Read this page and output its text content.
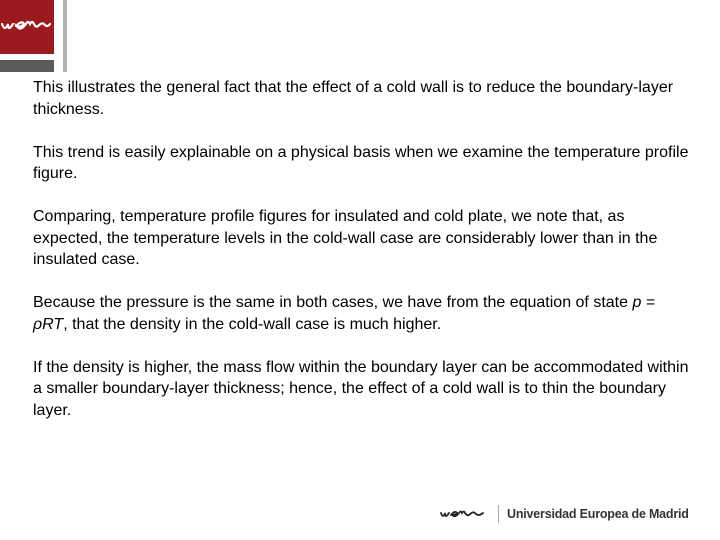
This illustrates the general fact that the effect of a cold wall is to reduce the boundary-layer thickness.

This trend is easily explainable on a physical basis when we examine the temperature profile figure.

Comparing, temperature profile figures for insulated and cold plate, we note that, as expected, the temperature levels in the cold-wall case are considerably lower than in the insulated case.

Because the pressure is the same in both cases, we have from the equation of state p = ρRT, that the density in the cold-wall case is much higher.

If the density is higher, the mass flow within the boundary layer can be accommodated within a smaller boundary-layer thickness; hence, the effect of a cold wall is to thin the boundary layer.

Universidad Europea de Madrid
